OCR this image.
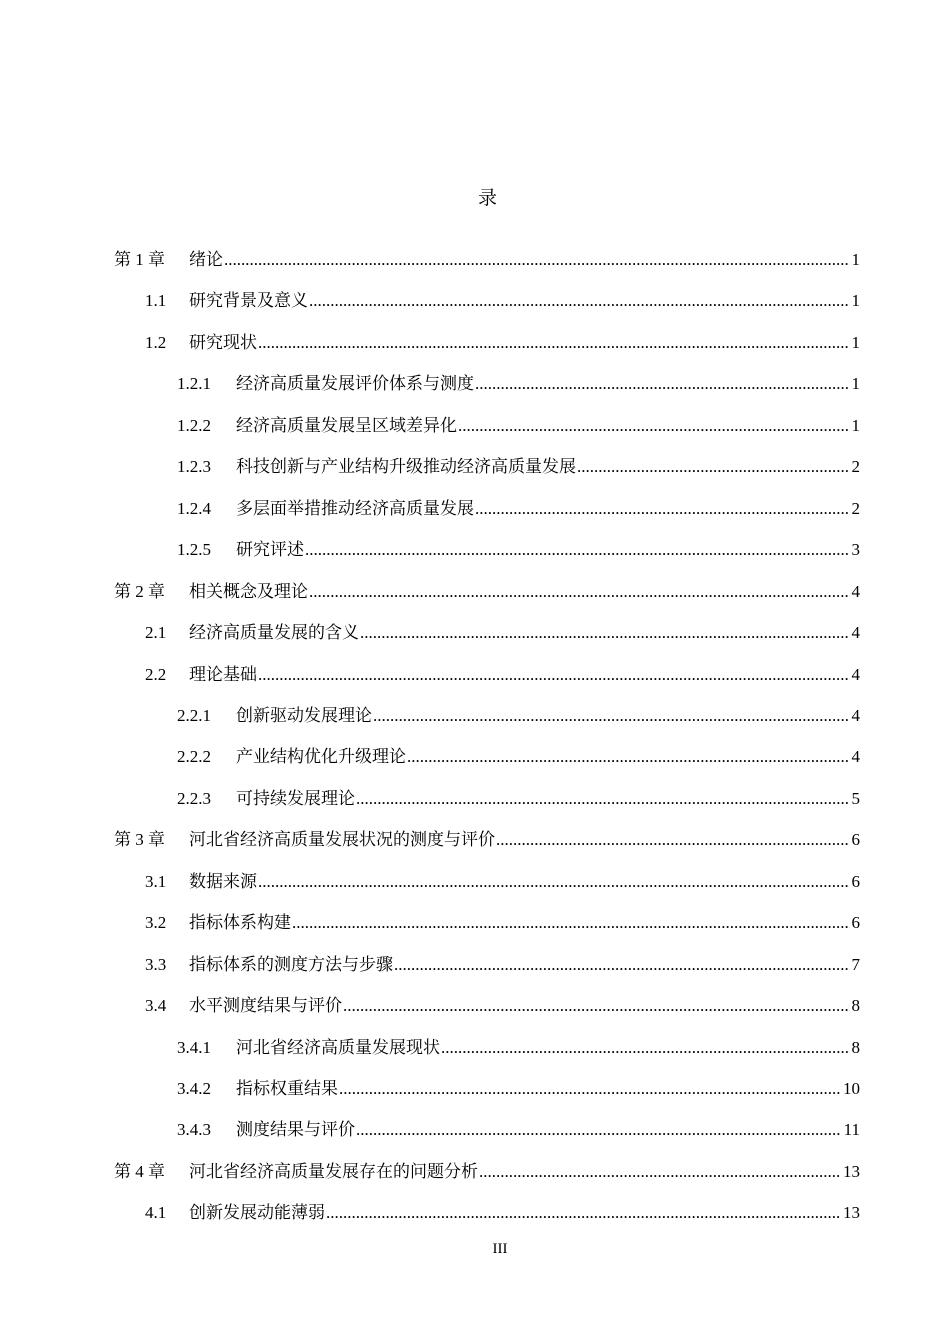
录
第 1 章 绪论 .....	1
1.1 研究背景及意义 .....	1
1.2 研究现状 .....	1
1.2.1 经济高质量发展评价体系与测度 .....	1
1.2.2 经济高质量发展呈区域差异化 .....	1
1.2.3 科技创新与产业结构升级推动经济高质量发展 .....	2
1.2.4 多层面举措推动经济高质量发展 .....	2
1.2.5 研究评述 .....	3
第 2 章 相关概念及理论 .....	4
2.1 经济高质量发展的含义 .....	4
2.2 理论基础 .....	4
2.2.1 创新驱动发展理论 .....	4
2.2.2 产业结构优化升级理论 .....	4
2.2.3 可持续发展理论 .....	5
第 3 章 河北省经济高质量发展状况的测度与评价 .....	6
3.1 数据来源 .....	6
3.2 指标体系构建 .....	6
3.3 指标体系的测度方法与步骤 .....	7
3.4 水平测度结果与评价 .....	8
3.4.1 河北省经济高质量发展现状 .....	8
3.4.2 指标权重结果 .....	10
3.4.3 测度结果与评价 .....	11
第 4 章 河北省经济高质量发展存在的问题分析 .....	13
4.1 创新发展动能薄弱 .....	13
III
